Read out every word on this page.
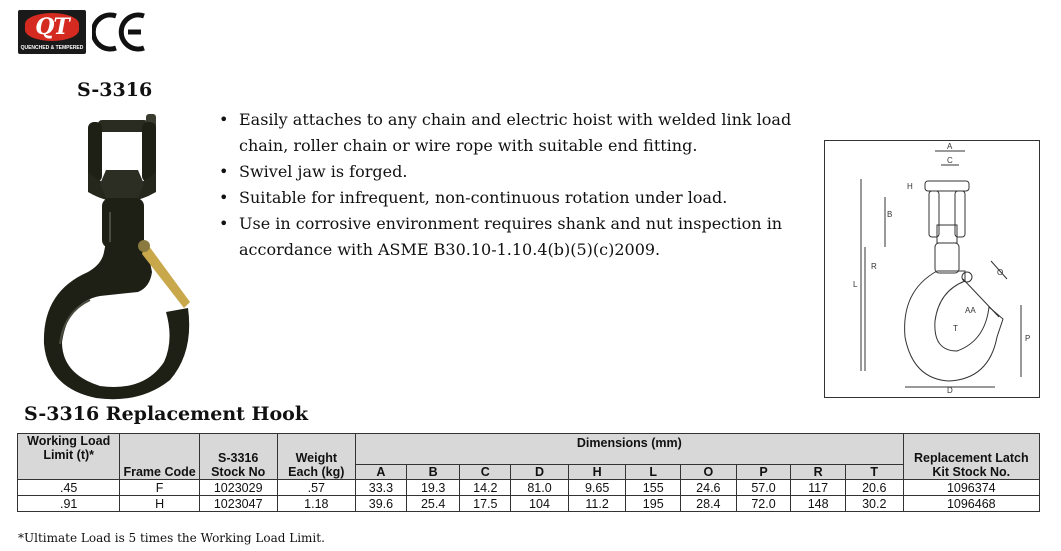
QT
QUENCHED & TEMPERED
S-3316
• Easily attaches to any chain and electric hoist with welded link load chain, roller chain or wire rope with suitable end fitting.
• Swivel jaw is forged.
• Suitable for infrequent, non-continuous rotation under load.
• Use in corrosive environment requires shank and nut inspection in accordance with ASME B30.10-1.10.4(b)(5)(c)2009.
A
C
H
B
R
L
O
AA
T
P
D
S-3316 Replacement Hook
Working Load Limit (t)*	Frame Code	S-3316 Stock No	Weight Each (kg)	Dimensions (mm)										Replacement Latch Kit Stock No.
				A	B	C	D	H	L	O	P	R	T	
.45	F	1023029	.57	33.3	19.3	14.2	81.0	9.65	155	24.6	57.0	117	20.6	1096374
.91	H	1023047	1.18	39.6	25.4	17.5	104	11.2	195	28.4	72.0	148	30.2	1096468
*Ultimate Load is 5 times the Working Load Limit.
